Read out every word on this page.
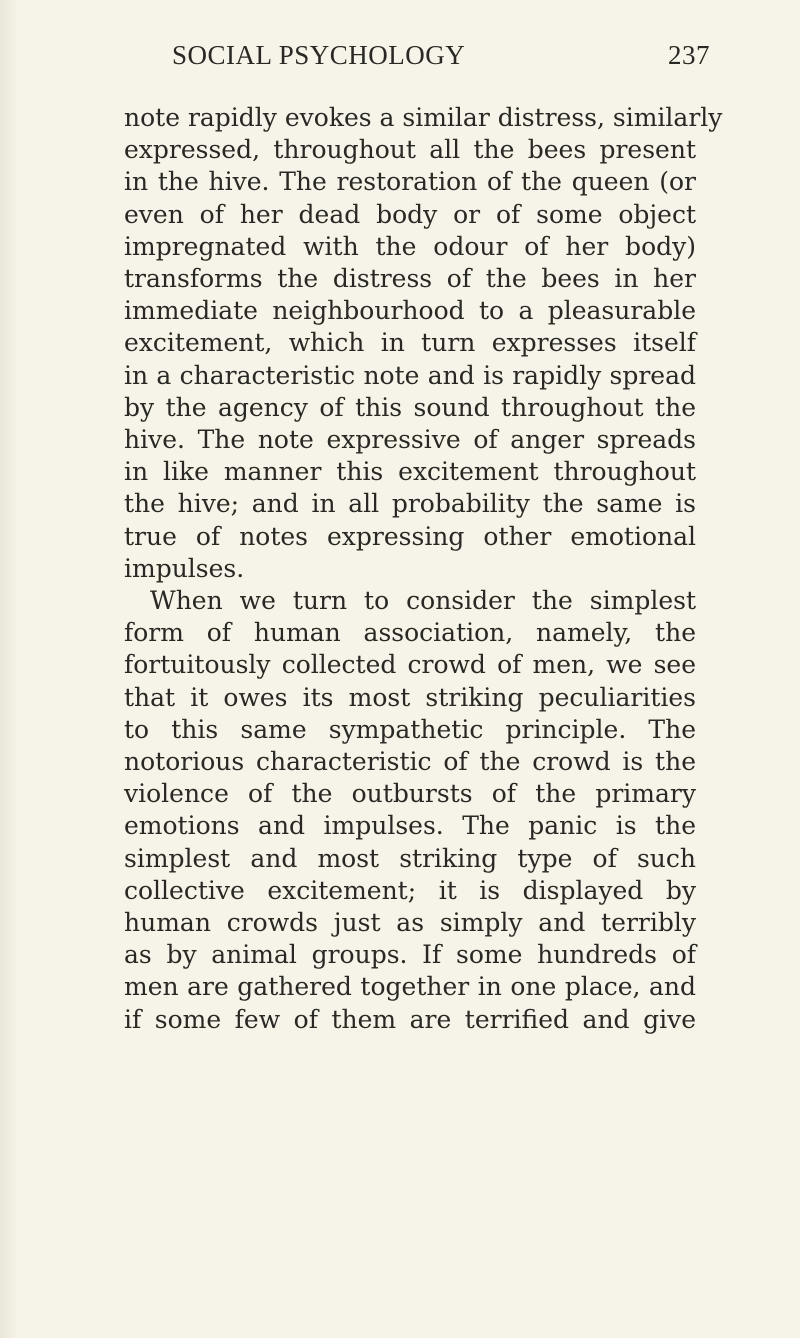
SOCIAL PSYCHOLOGY	237
note rapidly evokes a similar distress, similarly
expressed, throughout all the bees present
in the hive. The restoration of the queen (or
even of her dead body or of some object
impregnated with the odour of her body)
transforms the distress of the bees in her
immediate neighbourhood to a pleasurable
excitement, which in turn expresses itself
in a characteristic note and is rapidly spread
by the agency of this sound throughout the
hive. The note expressive of anger spreads
in like manner this excitement throughout
the hive; and in all probability the same is
true of notes expressing other emotional
impulses.
When we turn to consider the simplest
form of human association, namely, the
fortuitously collected crowd of men, we see
that it owes its most striking peculiarities
to this same sympathetic principle. The
notorious characteristic of the crowd is the
violence of the outbursts of the primary
emotions and impulses. The panic is the
simplest and most striking type of such
collective excitement; it is displayed by
human crowds just as simply and terribly
as by animal groups. If some hundreds of
men are gathered together in one place, and
if some few of them are terrified and give
